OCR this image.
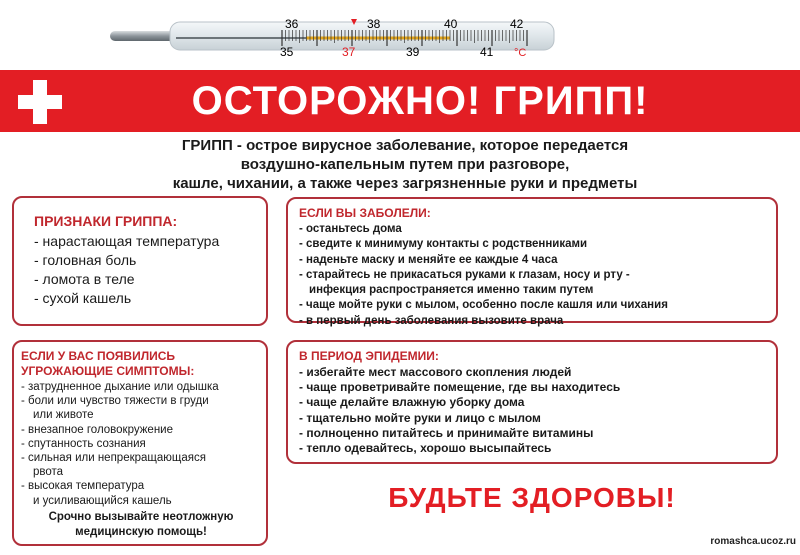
36	38	40	42
35	37	39	41 °C
ОСТОРОЖНО! ГРИПП!
ГРИПП - острое вирусное заболевание, которое передается
воздушно-капельным путем при разговоре,
кашле, чихании, а также через загрязненные руки и предметы
ПРИЗНАКИ ГРИППА:
- нарастающая температура
- головная боль
- ломота в теле
- сухой кашель
ЕСЛИ ВЫ ЗАБОЛЕЛИ:
- останьтесь дома
- сведите к минимуму контакты с родственниками
- наденьте маску и меняйте ее каждые 4 часа
- старайтесь не прикасаться руками к глазам, носу и рту -
инфекция распространяется именно таким путем
- чаще мойте руки с мылом, особенно после кашля или чихания
- в первый день заболевания вызовите врача
ЕСЛИ У ВАС ПОЯВИЛИСЬ
УГРОЖАЮЩИЕ СИМПТОМЫ:
- затрудненное дыхание или одышка
- боли или чувство тяжести в груди
или животе
- внезапное головокружение
- спутанность сознания
- сильная или непрекращающаяся
рвота
- высокая температура
и усиливающийся кашель
Срочно вызывайте неотложную
медицинскую помощь!
В ПЕРИОД ЭПИДЕМИИ:
- избегайте мест массового скопления людей
- чаще проветривайте помещение, где вы находитесь
- чаще делайте влажную уборку дома
- тщательно мойте руки и лицо с мылом
- полноценно питайтесь и принимайте витамины
- тепло одевайтесь, хорошо высыпайтесь
БУДЬТЕ ЗДОРОВЫ!
romashca.ucoz.ru
